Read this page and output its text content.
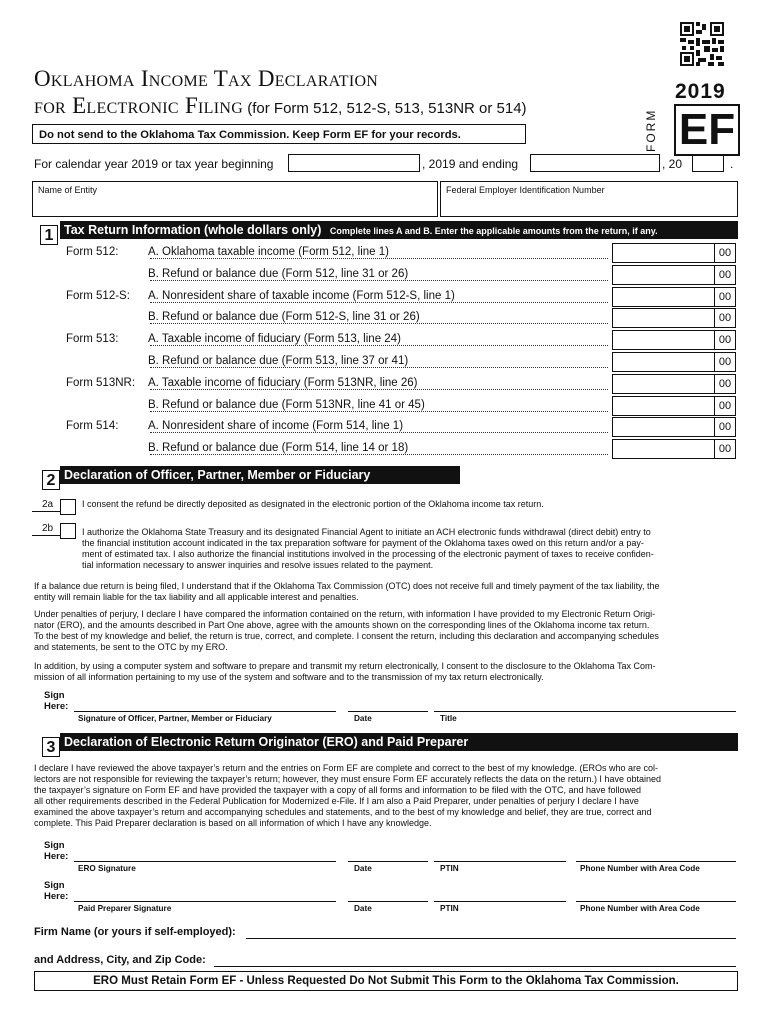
Oklahoma Income Tax Declaration
for Electronic Filing (for Form 512, 512-S, 513, 513NR or 514)
2019
FORM EF
Do not send to the Oklahoma Tax Commission. Keep Form EF for your records.
For calendar year 2019 or tax year beginning	, 2019 and ending	, 20	.
Name of Entity	Federal Employer Identification Number
Tax Return Information (whole dollars only) Complete lines A and B. Enter the applicable amounts from the return, if any.
1
Form 512:	A. Oklahoma taxable income (Form 512, line 1)	00
B. Refund or balance due (Form 512, line 31 or 26)	00
Form 512-S: A. Nonresident share of taxable income (Form 512-S, line 1)	00
B. Refund or balance due (Form 512-S, line 31 or 26)	00
Form 513:	A. Taxable income of fiduciary (Form 513, line 24)	00
B. Refund or balance due (Form 513, line 37 or 41)	00
Form 513NR: A. Taxable income of fiduciary (Form 513NR, line 26)	00
B. Refund or balance due (Form 513NR, line 41 or 45)	00
Form 514:	A. Nonresident share of income (Form 514, line 1)	00
B. Refund or balance due (Form 514, line 14 or 18)	00
Declaration of Officer, Partner, Member or Fiduciary
2
2a	I consent the refund be directly deposited as designated in the electronic portion of the Oklahoma income tax return.
2b	I authorize the Oklahoma State Treasury and its designated Financial Agent to initiate an ACH electronic funds withdrawal (direct debit) entry to
the financial institution account indicated in the tax preparation software for payment of the Oklahoma taxes owed on this return and/or a pay-
ment of estimated tax. I also authorize the financial institutions involved in the processing of the electronic payment of taxes to receive confiden-
tial information necessary to answer inquiries and resolve issues related to the payment.
If a balance due return is being filed, I understand that if the Oklahoma Tax Commission (OTC) does not receive full and timely payment of the tax liability, the
entity will remain liable for the tax liability and all applicable interest and penalties.
Under penalties of perjury, I declare I have compared the information contained on the return, with information I have provided to my Electronic Return Origi-
nator (ERO), and the amounts described in Part One above, agree with the amounts shown on the corresponding lines of the Oklahoma income tax return.
To the best of my knowledge and belief, the return is true, correct, and complete. I consent the return, including this declaration and accompanying schedules
and statements, be sent to the OTC by my ERO.
In addition, by using a computer system and software to prepare and transmit my return electronically, I consent to the disclosure to the Oklahoma Tax Com-
mission of all information pertaining to my use of the system and software and to the transmission of my tax return electronically.
Sign
Here:
Signature of Officer, Partner, Member or Fiduciary	Date	Title
Declaration of Electronic Return Originator (ERO) and Paid Preparer
3
I declare I have reviewed the above taxpayer’s return and the entries on Form EF are complete and correct to the best of my knowledge. (EROs who are col-
lectors are not responsible for reviewing the taxpayer’s return; however, they must ensure Form EF accurately reflects the data on the return.) I have obtained
the taxpayer’s signature on Form EF and have provided the taxpayer with a copy of all forms and information to be filed with the OTC, and have followed
all other requirements described in the Federal Publication for Modernized e-File. If I am also a Paid Preparer, under penalties of perjury I declare I have
examined the above taxpayer’s return and accompanying schedules and statements, and to the best of my knowledge and belief, they are true, correct and
complete. This Paid Preparer declaration is based on all information of which I have any knowledge.
Sign
Here:
ERO Signature	Date	PTIN	Phone Number with Area Code
Sign
Here:
Paid Preparer Signature	Date	PTIN	Phone Number with Area Code
Firm Name (or yours if self-employed):
and Address, City, and Zip Code:
ERO Must Retain Form EF - Unless Requested Do Not Submit This Form to the Oklahoma Tax Commission.
